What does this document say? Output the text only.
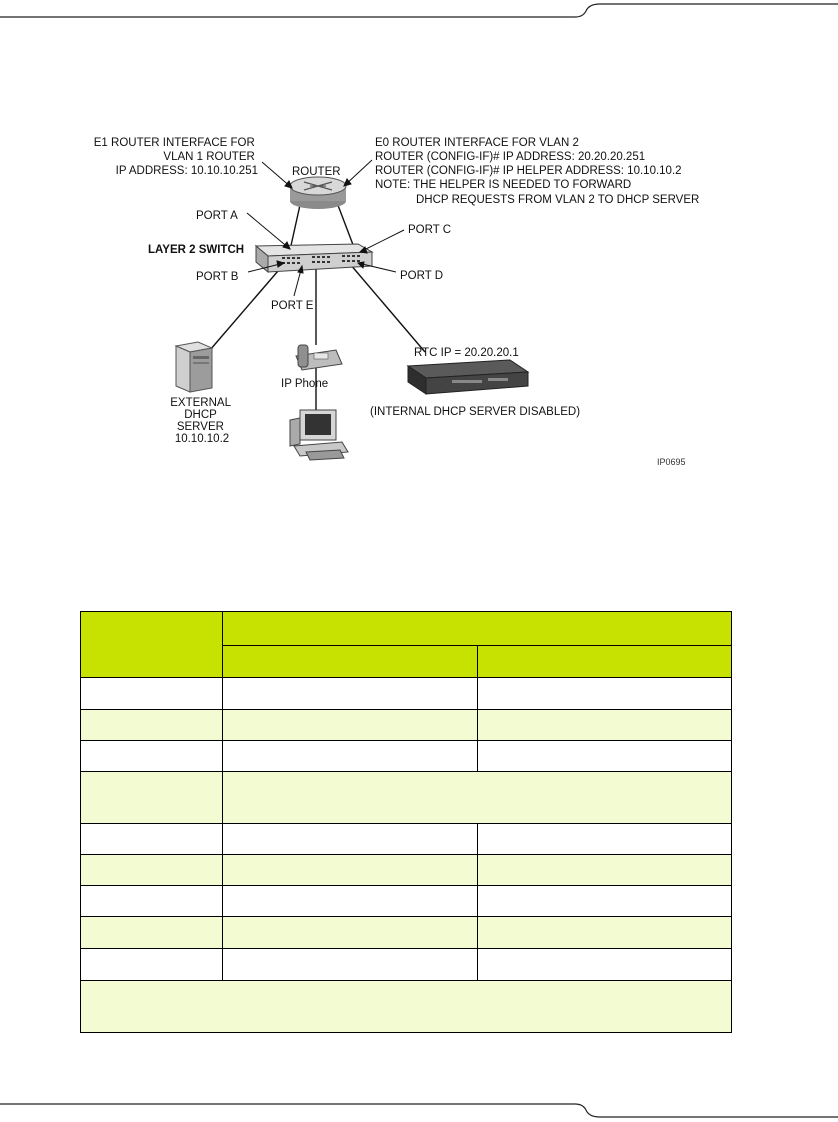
E1 ROUTER INTERFACE FOR VLAN 1 ROUTER IP ADDRESS: 10.10.10.251
E0 ROUTER INTERFACE FOR VLAN 2 ROUTER (CONFIG-IF)# IP ADDRESS: 20.20.20.251 ROUTER (CONFIG-IF)# IP HELPER ADDRESS: 10.10.10.2 NOTE: THE HELPER IS NEEDED TO FORWARD DHCP REQUESTS FROM VLAN 2 TO DHCP SERVER
ROUTER
PORT A
LAYER 2 SWITCH
PORT B
PORT C
PORT D
PORT E
IP Phone
RTC IP = 20.20.20.1
(INTERNAL DHCP SERVER DISABLED)
EXTERNAL DHCP SERVER 10.10.10.2
IP0695
